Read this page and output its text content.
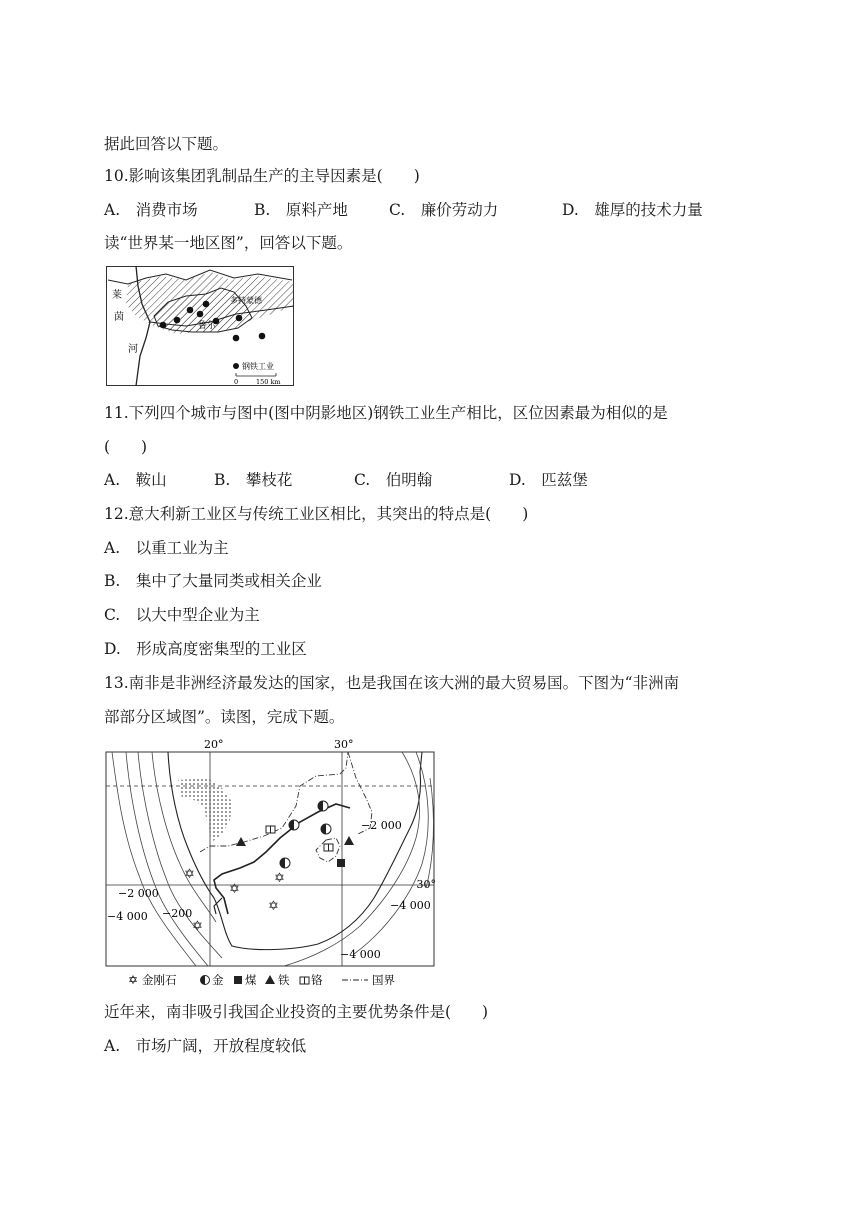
据此回答以下题。
10.影响该集团乳制品生产的主导因素是(　　)

A.　消费市场

	B.　原料产地

	C.　廉价劳动力

	D.　雄厚的技术力量

读“世界某一地区图”，回答以下题。
莱
茵
河
鲁尔
多特蒙德
钢铁工业
0	150 km
11.下列四个城市与图中(图中阴影地区)钢铁工业生产相比，区位因素最为相似的是
(　　)

A.　鞍山

	B.　攀枝花

	C.　伯明翰

	D.　匹兹堡

12.意大利新工业区与传统工业区相比，其突出的特点是(　　)
A.　以重工业为主
B.　集中了大量同类或相关企业
C.　以大中型企业为主
D.　形成高度密集型的工业区
13.南非是非洲经济最发达的国家，也是我国在该大洲的最大贸易国。下图为“非洲南
部部分区域图”。读图，完成下题。
20°	30°
30°
✡
✡
✡
✡
✡
−2 000
−2 000
−4 000 −200
−4 000
−4 000
✡ 金刚石	金 煤 铁 铬	国界
近年来，南非吸引我国企业投资的主要优势条件是(　　)
A.　市场广阔，开放程度较低
